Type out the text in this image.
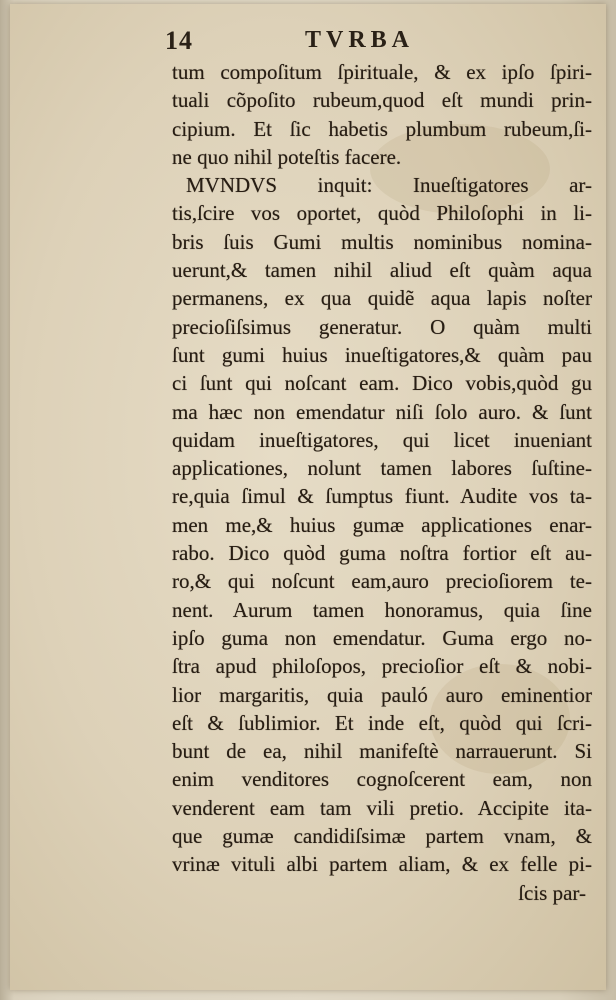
14	TVRBA
tum compoſitum ſpirituale, & ex ipſo ſpiri-
tuali cõpoſito rubeum,quod eſt mundi prin-
cipium. Et ſic habetis plumbum rubeum,ſi-
ne quo nihil poteſtis facere.
MVNDVS inquit: Inueſtigatores ar-
tis,ſcire vos oportet, quòd Philoſophi in li-
bris ſuis Gumi multis nominibus nomina-
uerunt,& tamen nihil aliud eſt quàm aqua
permanens, ex qua quidẽ aqua lapis noſter
precioſiſsimus generatur. O quàm multi
ſunt gumi huius inueſtigatores,& quàm pau
ci ſunt qui noſcant eam. Dico vobis,quòd gu
ma hæc non emendatur niſi ſolo auro. & ſunt
quidam inueſtigatores, qui licet inueniant
applicationes, nolunt tamen labores ſuſtine-
re,quia ſimul & ſumptus fiunt. Audite vos ta-
men me,& huius gumæ applicationes enar-
rabo. Dico quòd guma noſtra fortior eſt au-
ro,& qui noſcunt eam,auro precioſiorem te-
nent. Aurum tamen honoramus, quia ſine
ipſo guma non emendatur. Guma ergo no-
ſtra apud philoſopos, precioſior eſt & nobi-
lior margaritis, quia pauló auro eminentior
eſt & ſublimior. Et inde eſt, quòd qui ſcri-
bunt de ea, nihil manifeſtè narrauerunt. Si
enim venditores cognoſcerent eam, non
venderent eam tam vili pretio. Accipite ita-
que gumæ candidiſsimæ partem vnam, &
vrinæ vituli albi partem aliam, & ex felle pi-
ſcis par-
